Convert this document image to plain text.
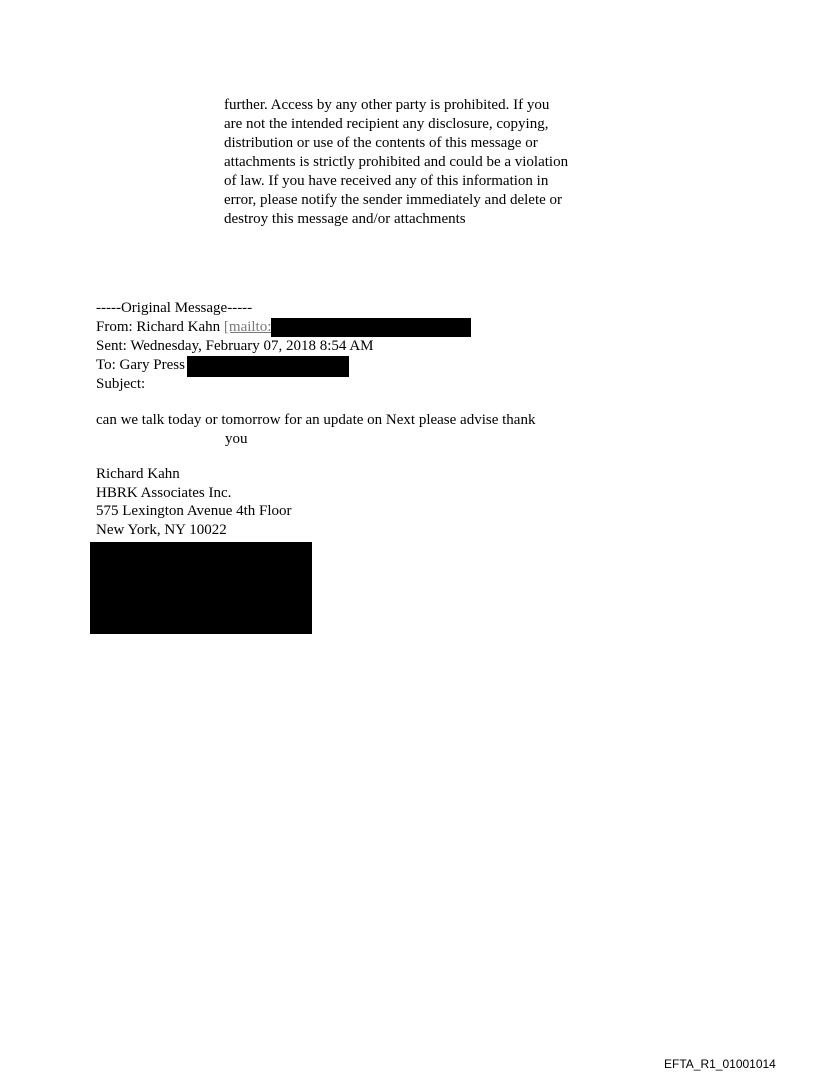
further. Access by any other party is prohibited. If you
are not the intended recipient any disclosure, copying,
distribution or use of the contents of this message or
attachments is strictly prohibited and could be a violation
of law. If you have received any of this information in
error, please notify the sender immediately and delete or
destroy this message and/or attachments
-----Original Message-----
From: Richard Kahn [mailto:
Sent: Wednesday, February 07, 2018 8:54 AM
To: Gary Press
Subject:
can we talk today or tomorrow for an update on Next please advise thank
you
Richard Kahn
HBRK Associates Inc.
575 Lexington Avenue 4th Floor
New York, NY 10022
EFTA_R1_01001014
